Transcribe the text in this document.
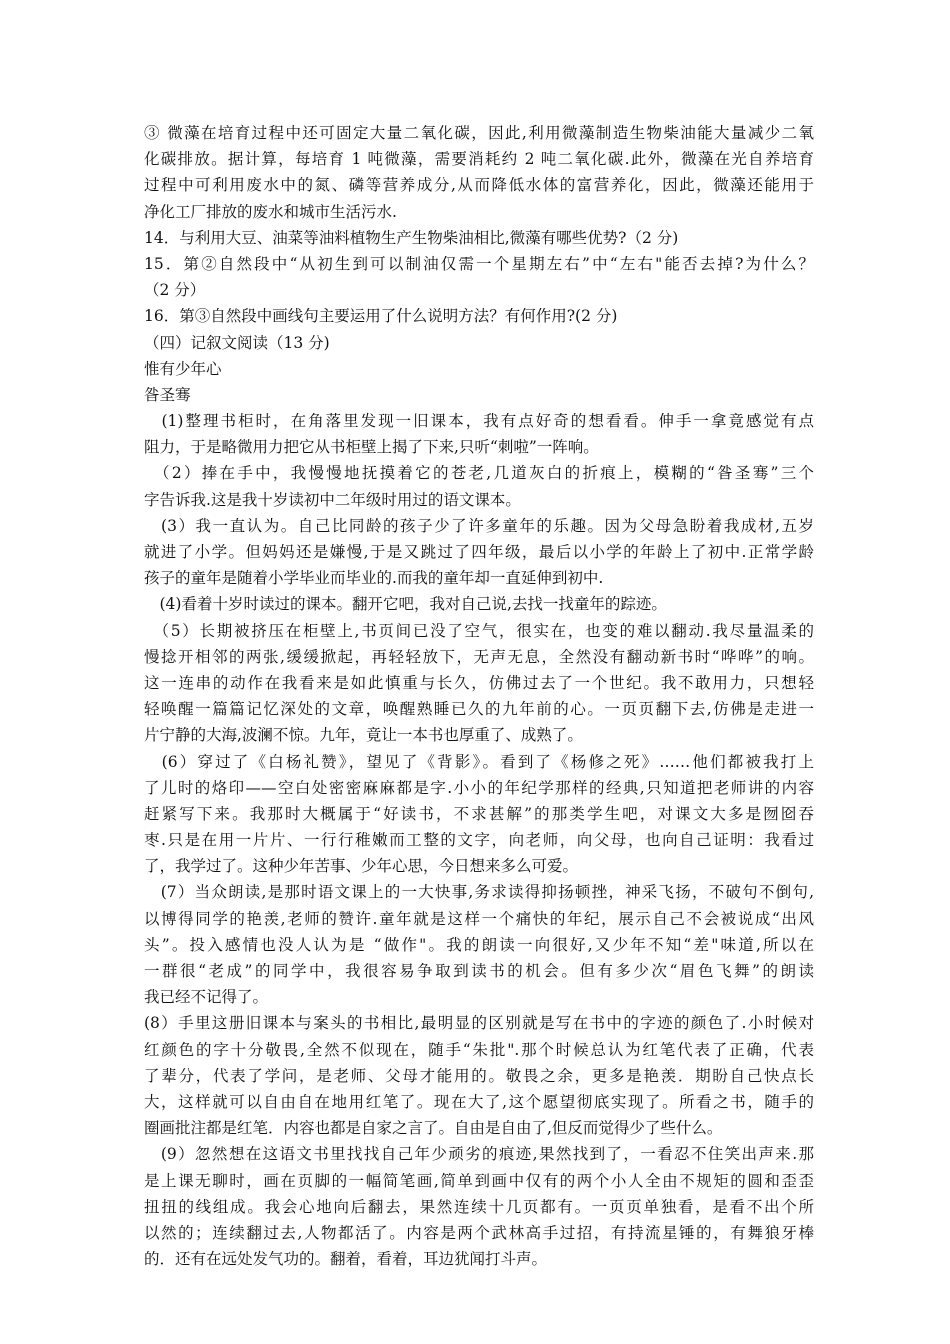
③ 微藻在培育过程中还可固定大量二氧化碳，因此,利用微藻制造生物柴油能大量减少二氧
化碳排放。据计算，每培育 1 吨微藻，需要消耗约 2 吨二氧化碳.此外，微藻在光自养培育
过程中可利用废水中的氮、磷等营养成分,从而降低水体的富营养化，因此，微藻还能用于
净化工厂排放的废水和城市生活污水.
14．与利用大豆、油菜等油料植物生产生物柴油相比,微藻有哪些优势?（2 分)
15．第②自然段中“从初生到可以制油仅需一个星期左右”中“左右"能否去掉?为什么？
（2 分）
16．第③自然段中画线句主要运用了什么说明方法？有何作用?(2 分)
（四）记叙文阅读（13 分)
惟有少年心
昝圣骞
　(1)整理书柜时，在角落里发现一旧课本，我有点好奇的想看看。伸手一拿竟感觉有点
阻力，于是略微用力把它从书柜壁上揭了下来,只听“刺啦”一阵响。
　（2）捧在手中，我慢慢地抚摸着它的苍老,几道灰白的折痕上，模糊的“昝圣骞”三个
字告诉我.这是我十岁读初中二年级时用过的语文课本。
　(3）我一直认为。自己比同龄的孩子少了许多童年的乐趣。因为父母急盼着我成材,五岁
就进了小学。但妈妈还是嫌慢,于是又跳过了四年级，最后以小学的年龄上了初中.正常学龄
孩子的童年是随着小学毕业而毕业的.而我的童年却一直延伸到初中.
　(4)看着十岁时读过的课本。翻开它吧，我对自己说,去找一找童年的踪迹。
　（5）长期被挤压在柜壁上,书页间已没了空气，很实在，也变的难以翻动.我尽量温柔的
慢捻开相邻的两张,缓缓掀起，再轻轻放下，无声无息，全然没有翻动新书时“哗哗”的响。
这一连串的动作在我看来是如此慎重与长久，仿佛过去了一个世纪。我不敢用力，只想轻
轻唤醒一篇篇记忆深处的文章，唤醒熟睡已久的九年前的心。一页页翻下去,仿佛是走进一
片宁静的大海,波澜不惊。九年，竟让一本书也厚重了、成熟了。
　(6）穿过了《白杨礼赞》，望见了《背影》。看到了《杨修之死》……他们都被我打上
了儿时的烙印——空白处密密麻麻都是字.小小的年纪学那样的经典,只知道把老师讲的内容
赶紧写下来。我那时大概属于“好读书，不求甚解”的那类学生吧，对课文大多是囫囵吞
枣.只是在用一片片、一行行稚嫩而工整的文字，向老师，向父母，也向自己证明：我看过
了，我学过了。这种少年苦事、少年心思，今日想来多么可爱。
　(7）当众朗读,是那时语文课上的一大快事,务求读得抑扬顿挫，神采飞扬，不破句不倒句,
以博得同学的艳羡,老师的赞许.童年就是这样一个痛快的年纪，展示自己不会被说成“出风
头”。投入感情也没人认为是 “做作"。我的朗读一向很好,又少年不知“差"味道,所以在
一群很“老成”的同学中，我很容易争取到读书的机会。但有多少次“眉色飞舞”的朗读
我已经不记得了。
(8）手里这册旧课本与案头的书相比,最明显的区别就是写在书中的字迹的颜色了.小时候对
红颜色的字十分敬畏,全然不似现在，随手“朱批".那个时候总认为红笔代表了正确，代表
了辈分，代表了学问，是老师、父母才能用的。敬畏之余，更多是艳羡．期盼自己快点长
大，这样就可以自由自在地用红笔了。现在大了,这个愿望彻底实现了。所看之书，随手的
圈画批注都是红笔．内容也都是自家之言了。自由是自由了,但反而觉得少了些什么。
　(9）忽然想在这语文书里找找自己年少顽劣的痕迹,果然找到了，一看忍不住笑出声来.那
是上课无聊时，画在页脚的一幅简笔画,简单到画中仅有的两个小人全由不规矩的圆和歪歪
扭扭的线组成。我会心地向后翻去，果然连续十几页都有。一页页单独看，是看不出个所
以然的；连续翻过去,人物都活了。内容是两个武林高手过招，有持流星锤的，有舞狼牙棒
的．还有在远处发气功的。翻着，看着，耳边犹闻打斗声。
